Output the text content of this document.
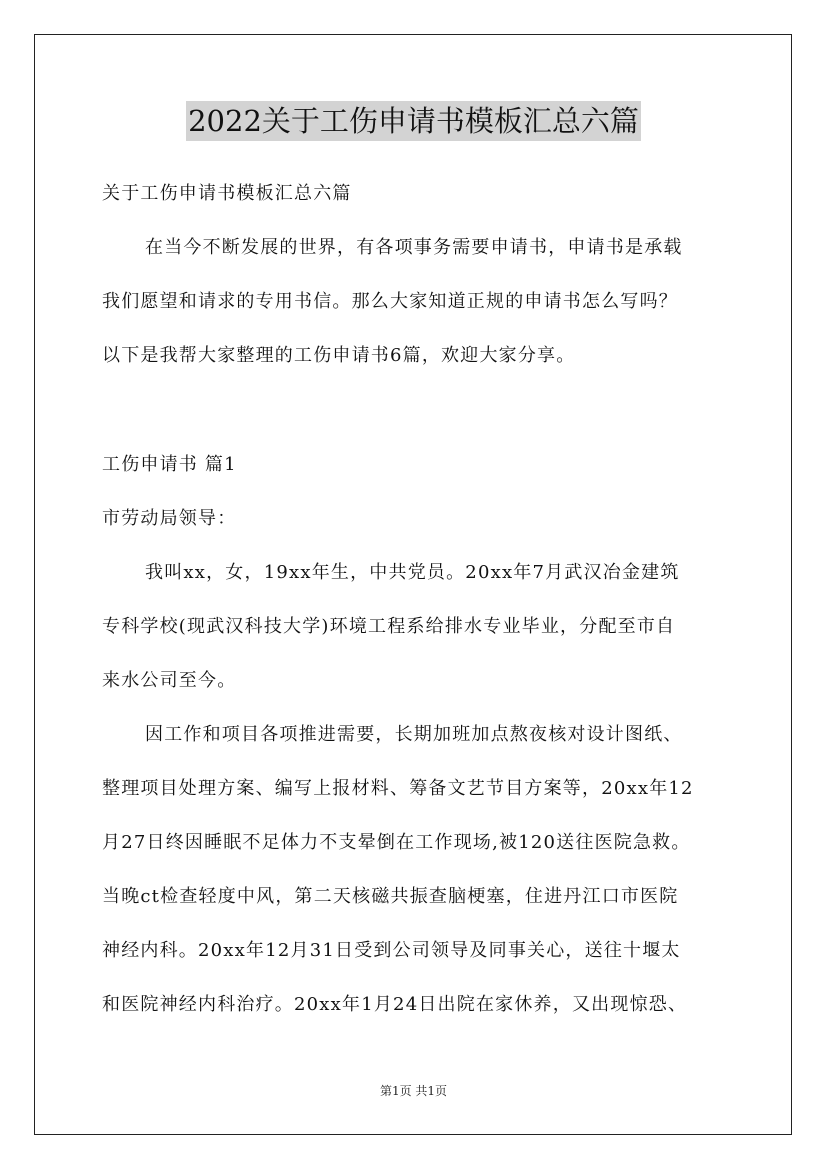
2022关于工伤申请书模板汇总六篇
关于工伤申请书模板汇总六篇
在当今不断发展的世界，有各项事务需要申请书，申请书是承载
我们愿望和请求的专用书信。那么大家知道正规的申请书怎么写吗？
以下是我帮大家整理的工伤申请书6篇，欢迎大家分享。
工伤申请书 篇1
市劳动局领导：
我叫xx，女，19xx年生，中共党员。20xx年7月武汉冶金建筑
专科学校(现武汉科技大学)环境工程系给排水专业毕业，分配至市自
来水公司至今。
因工作和项目各项推进需要，长期加班加点熬夜核对设计图纸、
整理项目处理方案、编写上报材料、筹备文艺节目方案等，20xx年12
月27日终因睡眠不足体力不支晕倒在工作现场,被120送往医院急救。
当晚ct检查轻度中风，第二天核磁共振查脑梗塞，住进丹江口市医院
神经内科。20xx年12月31日受到公司领导及同事关心，送往十堰太
和医院神经内科治疗。20xx年1月24日出院在家休养，又出现惊恐、
第1页 共1页
